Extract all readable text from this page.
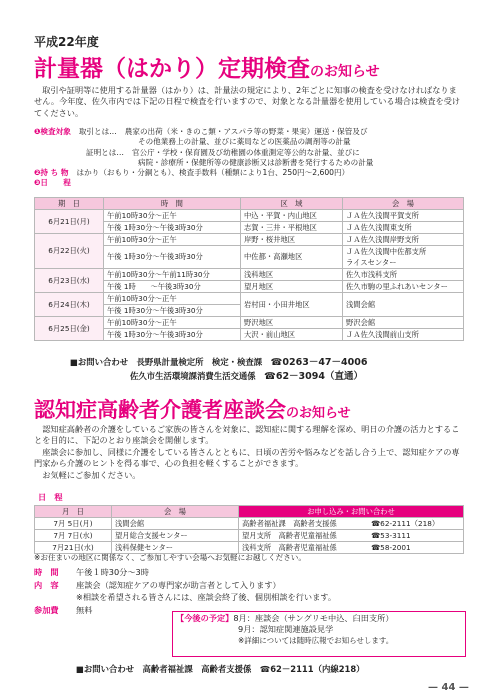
平成22年度
計量器（はかり）定期検査のお知らせ
取引や証明等に使用する計量器（はかり）は、計量法の規定により、2年ごとに知事の検査を受けなければなりません。今年度、佐久市内では下記の日程で検査を行いますので、対象となる計量器を使用している場合は検査を受けてください。
❶検査対象 取引とは… 農家の出荷（米・きのこ類・アスパラ等の野菜・果実）運送・保管及び
その他業務上の計量、並びに薬局などの医薬品の調剤等の計量
証明とは… 官公庁・学校・保育園及び幼稚園の体重測定等公的な計量、並びに
病院・診療所・保健所等の健康診断又は診断書を発行するための計量
❷持 ち 物 はかり（おもり・分銅とも）、検査手数料（種類により1台、250円～2,600円）
❸日　　程
期　日	時　間	区　域	会　場
6月21日(月)	午前10時30分～正午	中込・平賀・内山地区	ＪＡ佐久浅間平賀支所
	午後 1時30分～午後3時30分	志賀・三井・平根地区	ＪＡ佐久浅間東支所
6月22日(火)	午前10時30分～正午	岸野・桜井地区	ＪＡ佐久浅間岸野支所
	午後 1時30分～午後3時30分	中佐都・高瀬地区	ＪＡ佐久浅間中佐都支所
			ライスセンター
6月23日(水)	午前10時30分～午前11時30分	浅科地区	佐久市浅科支所
	午後 1時　　～午後3時30分	望月地区	佐久市駒の里ふれあいセンター
6月24日(木)	午前10時30分～正午	岩村田・小田井地区	浅間会館
	午後 1時30分～午後3時30分		
6月25日(金)	午前10時30分～正午	野沢地区	野沢会館
	午後 1時30分～午後3時30分	大沢・前山地区	ＪＡ佐久浅間前山支所
■お問い合わせ　 長野県計量検定所　検定・検査課　 ☎0263－47－4006
佐久市生活環境課消費生活交通係　 ☎62－3094（直通）
認知症高齢者介護者座談会のお知らせ
認知症高齢者の介護をしているご家族の皆さんを対象に、認知症に関する理解を深め、明日の介護の活力とすることを目的に、下記のとおり座談会を開催します。
座談会に参加し、同様に介護をしている皆さんとともに、日頃の苦労や悩みなどを話し合う上で、認知症ケアの専門家から介護のヒントを得る事で、心の負担を軽くすることができます。
お気軽にご参加ください。
日　程
月　日	会　場	お申し込み・お問い合わせ	
7月 5日(月)	浅間会館	高齢者福祉課　高齢者支援係	☎62-2111（218）
7月 7日(水)	望月総合支援センター	望月支所　高齢者児童福祉係	☎53-3111
7月21日(水)	浅科保健センター	浅科支所　高齢者児童福祉係	☎58-2001
※お住まいの地区に関係なく、ご参加しやすい会場へお気軽にお越しください。
時　間 午後１時30分～3時
内　容 座談会（認知症ケアの専門家が助言者として入ります）
※相談を希望される皆さんには、座談会終了後、個別相談を行います。
参加費 無料
【今後の予定】8月：座談会（サングリモ中込、臼田支所）
9月：認知症関連施設見学
※詳細については随時広報でお知らせします。
■お問い合わせ　 高齢者福祉課　高齢者支援係　☎62－2111（内線218）
— 44 —
